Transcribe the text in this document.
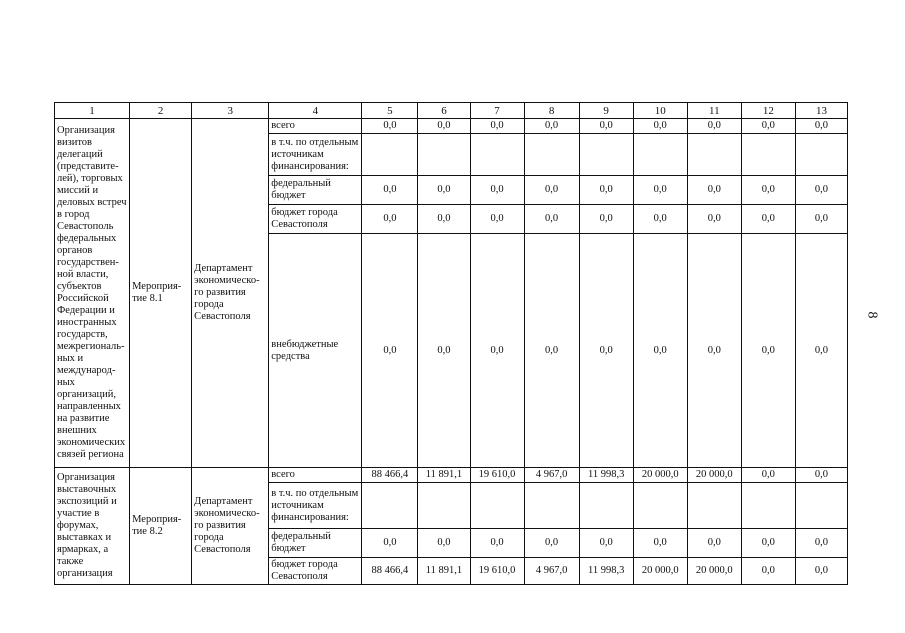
1	2	3	4	5	6	7	8	9	10	11	12	13
Организация визитов делегаций (представите-лей), торговых миссий и деловых встреч в город Севастополь федеральных органов государствен-ной власти, субъектов Российской Федерации и иностранных государств, межрегиональ-ных и международ-ных организаций, направленных на развитие внешних экономических связей региона	Мероприя-тие 8.1	Департамент экономическо-го развития города Севастополя	всего	0,0	0,0	0,0	0,0	0,0	0,0	0,0	0,0	0,0
			в т.ч. по отдельным источникам финансирования:									
			федеральный бюджет	0,0	0,0	0,0	0,0	0,0	0,0	0,0	0,0	0,0
			бюджет города Севастополя	0,0	0,0	0,0	0,0	0,0	0,0	0,0	0,0	0,0
			внебюджетные средства	0,0	0,0	0,0	0,0	0,0	0,0	0,0	0,0	0,0
Организация выставочных экспозиций и участие в форумах, выставках и ярмарках, а также организация	Мероприя-тие 8.2	Департамент экономическо-го развития города Севастополя	всего	88 466,4	11 891,1	19 610,0	4 967,0	11 998,3	20 000,0	20 000,0	0,0	0,0
			в т.ч. по отдельным источникам финансирования:									
			федеральный бюджет	0,0	0,0	0,0	0,0	0,0	0,0	0,0	0,0	0,0
			бюджет города Севастополя	88 466,4	11 891,1	19 610,0	4 967,0	11 998,3	20 000,0	20 000,0	0,0	0,0
8
